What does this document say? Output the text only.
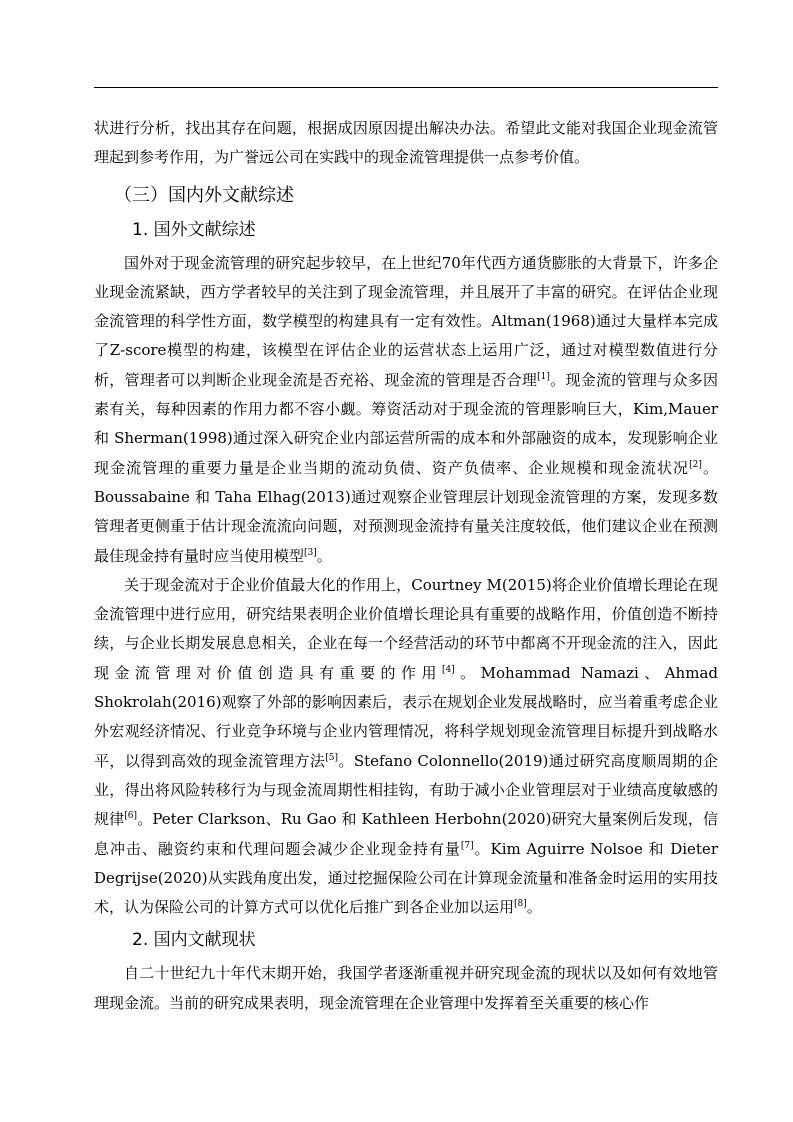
状进行分析，找出其存在问题，根据成因原因提出解决办法。希望此文能对我国企业现金流管理起到参考作用，为广誉远公司在实践中的现金流管理提供一点参考价值。

（三）国内外文献综述
1. 国外文献综述

国外对于现金流管理的研究起步较早，在上世纪70年代西方通货膨胀的大背景下，许多企业现金流紧缺，西方学者较早的关注到了现金流管理，并且展开了丰富的研究。在评估企业现金流管理的科学性方面，数学模型的构建具有一定有效性。Altman(1968)通过大量样本完成了Z-score模型的构建，该模型在评估企业的运营状态上运用广泛，通过对模型数值进行分析，管理者可以判断企业现金流是否充裕、现金流的管理是否合理[1]。现金流的管理与众多因素有关，每种因素的作用力都不容小觑。筹资活动对于现金流的管理影响巨大，Kim,Mauer 和 Sherman(1998)通过深入研究企业内部运营所需的成本和外部融资的成本，发现影响企业现金流管理的重要力量是企业当期的流动负债、资产负债率、企业规模和现金流状况[2]。Boussabaine 和 Taha Elhag(2013)通过观察企业管理层计划现金流管理的方案，发现多数管理者更侧重于估计现金流流向问题，对预测现金流持有量关注度较低，他们建议企业在预测最佳现金持有量时应当使用模型[3]。

关于现金流对于企业价值最大化的作用上，Courtney M(2015)将企业价值增长理论在现金流管理中进行应用，研究结果表明企业价值增长理论具有重要的战略作用，价值创造不断持续，与企业长期发展息息相关，企业在每一个经营活动的环节中都离不开现金流的注入，因此现金流管理对价值创造具有重要的作用[4]。Mohammad Namazi、Ahmad Shokrolah(2016)观察了外部的影响因素后，表示在规划企业发展战略时，应当着重考虑企业外宏观经济情况、行业竞争环境与企业内管理情况，将科学规划现金流管理目标提升到战略水平，以得到高效的现金流管理方法[5]。Stefano Colonnello(2019)通过研究高度顺周期的企业，得出将风险转移行为与现金流周期性相挂钩，有助于减小企业管理层对于业绩高度敏感的规律[6]。Peter Clarkson、Ru Gao 和 Kathleen Herbohn(2020)研究大量案例后发现，信息冲击、融资约束和代理问题会减少企业现金持有量[7]。Kim Aguirre Nolsoe 和 Dieter Degrijse(2020)从实践角度出发，通过挖掘保险公司在计算现金流量和准备金时运用的实用技术，认为保险公司的计算方式可以优化后推广到各企业加以运用[8]。

2. 国内文献现状

自二十世纪九十年代末期开始，我国学者逐渐重视并研究现金流的现状以及如何有效地管理现金流。当前的研究成果表明，现金流管理在企业管理中发挥着至关重要的核心作
